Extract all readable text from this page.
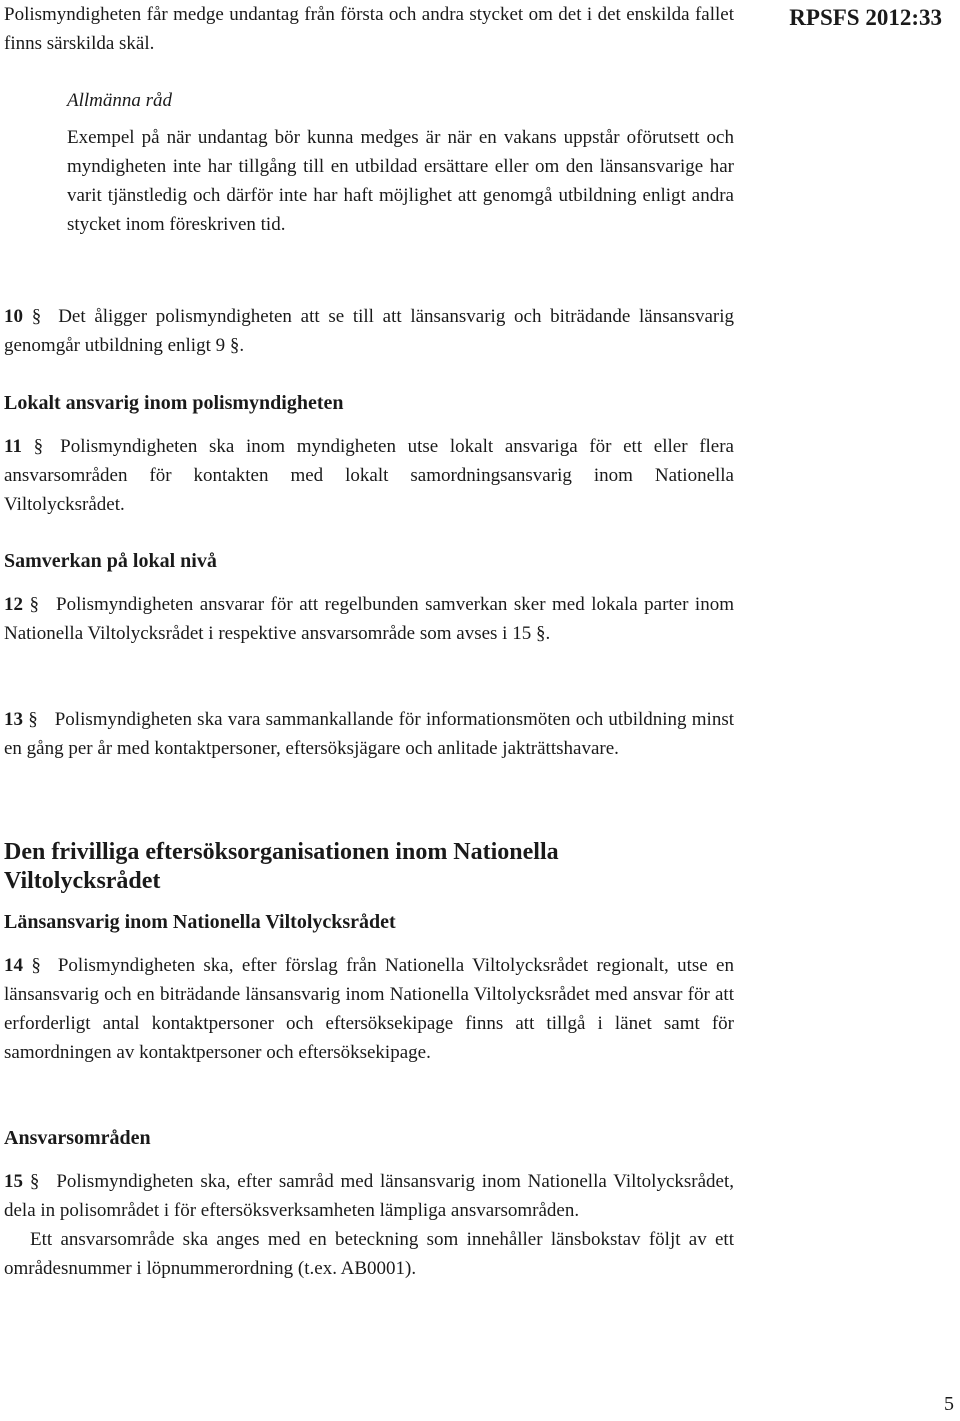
Polismyndigheten får medge undantag från första och andra stycket om det i det enskilda fallet finns särskilda skäl.

RPSFS 2012:33

Allmänna råd

Exempel på när undantag bör kunna medges är när en vakans uppstår oförutsett och myndigheten inte har tillgång till en utbildad ersättare eller om den länsansvarige har varit tjänstledig och därför inte har haft möjlighet att genomgå utbildning enligt andra stycket inom föreskriven tid.

10 § Det åligger polismyndigheten att se till att länsansvarig och biträdande länsansvarig genomgår utbildning enligt 9 §.

Lokalt ansvarig inom polismyndigheten

11 § Polismyndigheten ska inom myndigheten utse lokalt ansvariga för ett eller flera ansvarsområden för kontakten med lokalt samordningsansvarig inom Nationella Viltolycksrådet.

Samverkan på lokal nivå

12 § Polismyndigheten ansvarar för att regelbunden samverkan sker med lokala parter inom Nationella Viltolycksrådet i respektive ansvarsområde som avses i 15 §.

13 § Polismyndigheten ska vara sammankallande för informationsmöten och utbildning minst en gång per år med kontaktpersoner, eftersöksjägare och anlitade jakträttshavare.

Den frivilliga eftersöksorganisationen inom Nationella Viltolycksrådet
Länsansvarig inom Nationella Viltolycksrådet

14 § Polismyndigheten ska, efter förslag från Nationella Viltolycksrådet regionalt, utse en länsansvarig och en biträdande länsansvarig inom Nationella Viltolycksrådet med ansvar för att erforderligt antal kontaktpersoner och eftersöksekipage finns att tillgå i länet samt för samordningen av kontaktpersoner och eftersöksekipage.

Ansvarsområden

15 § Polismyndigheten ska, efter samråd med länsansvarig inom Nationella Viltolycksrådet, dela in polisområdet i för eftersöksverksamheten lämpliga ansvarsområden.

Ett ansvarsområde ska anges med en beteckning som innehåller länsbokstav följt av ett områdesnummer i löpnummerordning (t.ex. AB0001).

5
